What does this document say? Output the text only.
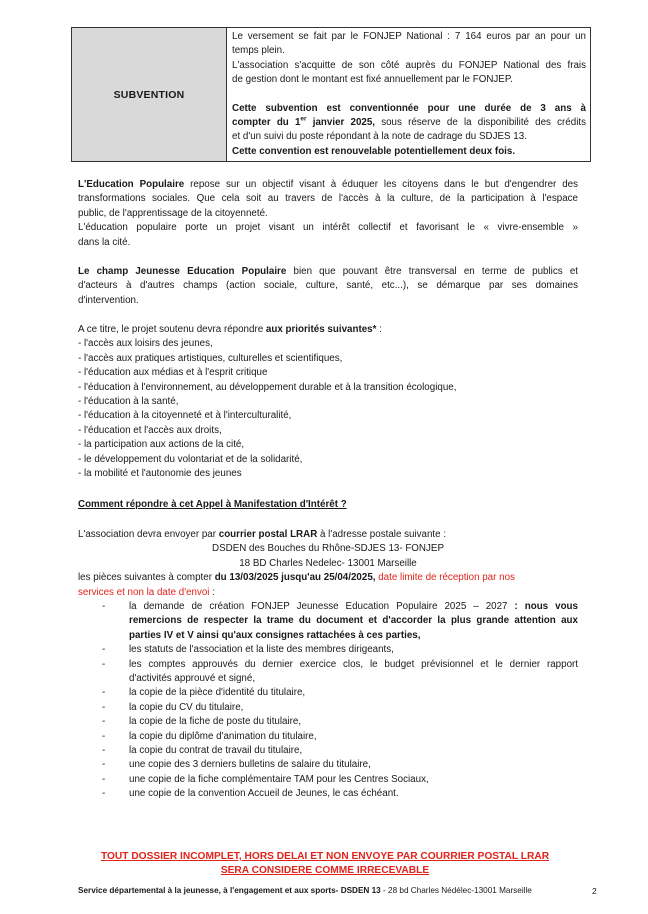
SUBVENTION
Le versement se fait par le FONJEP National : 7 164 euros par an pour un
temps plein.
L'association s'acquitte de son côté auprès du FONJEP National des frais
de gestion dont le montant est fixé annuellement par le FONJEP.
Cette subvention est conventionnée pour une durée de 3 ans à
compter du 1er janvier 2025, sous réserve de la disponibilité des crédits
et d'un suivi du poste répondant à la note de cadrage du SDJES 13.
Cette convention est renouvelable potentiellement deux fois.
L'Education Populaire repose sur un objectif visant à éduquer les citoyens dans le but d'engendrer des
transformations sociales. Que cela soit au travers de l'accès à la culture, de la participation à l'espace
public, de l'apprentissage de la citoyenneté.
L'éducation populaire porte un projet visant un intérêt collectif et favorisant le « vivre-ensemble »
dans la cité.
Le champ Jeunesse Education Populaire bien que pouvant être transversal en terme de publics et
d'acteurs à d'autres champs (action sociale, culture, santé, etc...), se démarque par ses domaines
d'intervention.
A ce titre, le projet soutenu devra répondre aux priorités suivantes* :
- l'accès aux loisirs des jeunes,
- l'accès aux pratiques artistiques, culturelles et scientifiques,
- l'éducation aux médias et à l'esprit critique
- l'éducation à l'environnement, au développement durable et à la transition écologique,
- l'éducation à la santé,
- l'éducation à la citoyenneté et à l'interculturalité,
- l'éducation et l'accès aux droits,
- la participation aux actions de la cité,
- le développement du volontariat et de la solidarité,
- la mobilité et l'autonomie des jeunes
Comment répondre à cet Appel à Manifestation d'Intérêt ?
L'association devra envoyer par courrier postal LRAR à l'adresse postale suivante :
DSDEN des Bouches du Rhône-SDJES 13- FONJEP
18 BD Charles Nedelec- 13001 Marseille
les pièces suivantes à compter du 13/03/2025 jusqu'au 25/04/2025, date limite de réception par nos
services et non la date d'envoi :
-	la demande de création FONJEP Jeunesse Education Populaire 2025 – 2027 : nous vous
remercions de respecter la trame du document et d'accorder la plus grande attention aux
parties IV et V ainsi qu'aux consignes rattachées à ces parties,
-	les statuts de l'association et la liste des membres dirigeants,
-	les comptes approuvés du dernier exercice clos, le budget prévisionnel et le dernier rapport
d'activités approuvé et signé,
-	la copie de la pièce d'identité du titulaire,
-	la copie du CV du titulaire,
-	la copie de la fiche de poste du titulaire,
-	la copie du diplôme d'animation du titulaire,
-	la copie du contrat de travail du titulaire,
-	une copie des 3 derniers bulletins de salaire du titulaire,
-	une copie de la fiche complémentaire TAM pour les Centres Sociaux,
-	une copie de la convention Accueil de Jeunes, le cas échéant.
TOUT DOSSIER INCOMPLET, HORS DELAI ET NON ENVOYE PAR COURRIER POSTAL LRAR
SERA CONSIDERE COMME IRRECEVABLE
Service départemental à la jeunesse, à l'engagement et aux sports- DSDEN 13 - 28 bd Charles Nédélec-13001 Marseille	2
